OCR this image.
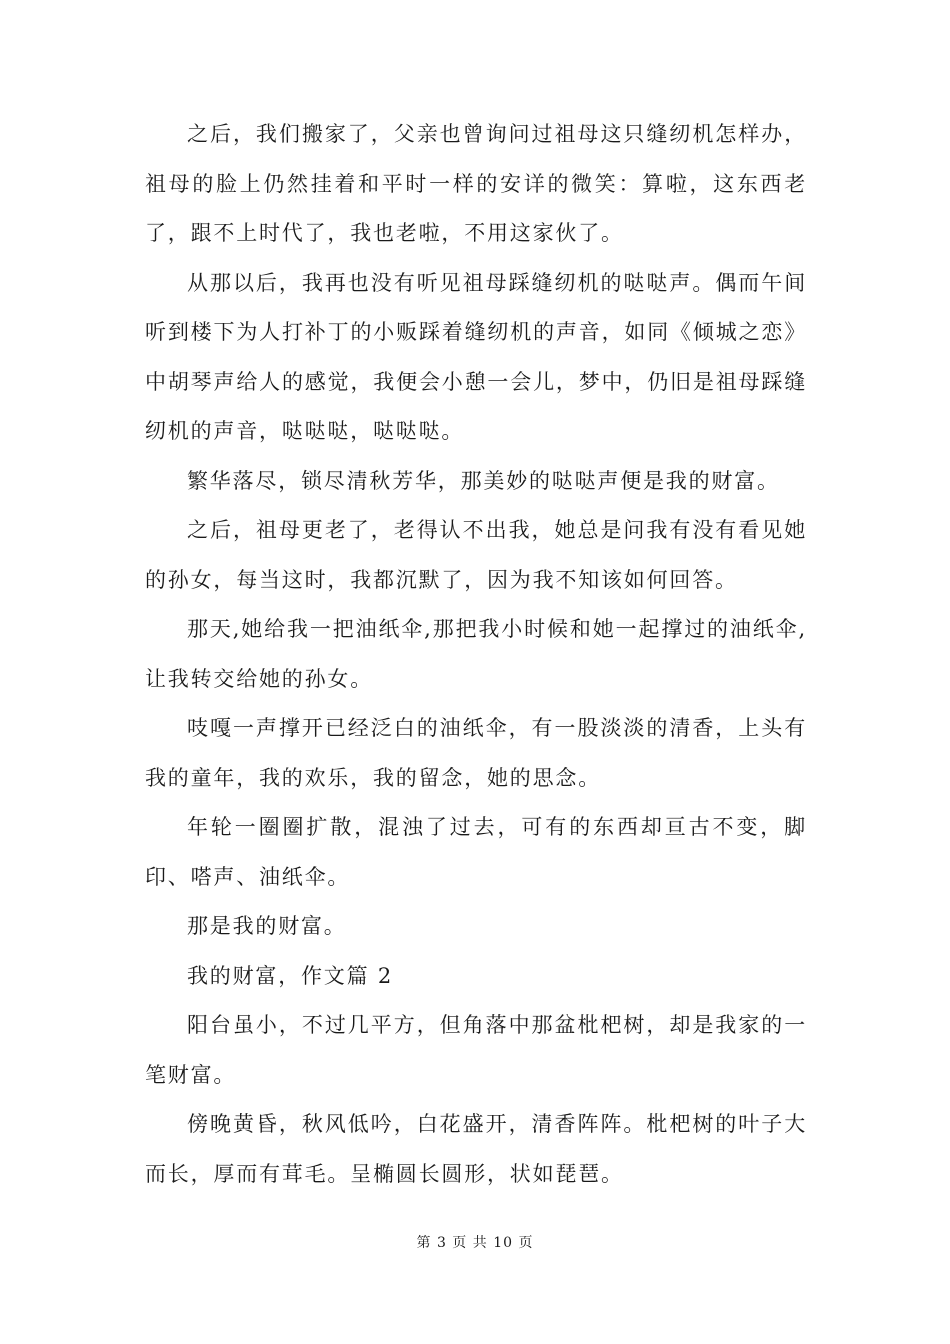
之后，我们搬家了，父亲也曾询问过祖母这只缝纫机怎样办，祖母的脸上仍然挂着和平时一样的安详的微笑：算啦，这东西老了，跟不上时代了，我也老啦，不用这家伙了。

从那以后，我再也没有听见祖母踩缝纫机的哒哒声。偶而午间听到楼下为人打补丁的小贩踩着缝纫机的声音，如同《倾城之恋》中胡琴声给人的感觉，我便会小憩一会儿，梦中，仍旧是祖母踩缝纫机的声音，哒哒哒，哒哒哒。

繁华落尽，锁尽清秋芳华，那美妙的哒哒声便是我的财富。

之后，祖母更老了，老得认不出我，她总是问我有没有看见她的孙女，每当这时，我都沉默了，因为我不知该如何回答。

那天,她给我一把油纸伞,那把我小时候和她一起撑过的油纸伞,让我转交给她的孙女。

吱嘎一声撑开已经泛白的油纸伞，有一股淡淡的清香，上头有我的童年，我的欢乐，我的留念，她的思念。

年轮一圈圈扩散，混浊了过去，可有的东西却亘古不变，脚印、嗒声、油纸伞。

那是我的财富。

我的财富，作文篇 2

阳台虽小，不过几平方，但角落中那盆枇杷树，却是我家的一笔财富。

傍晚黄昏，秋风低吟，白花盛开，清香阵阵。枇杷树的叶子大而长，厚而有茸毛。呈椭圆长圆形，状如琵琶。

第 3 页 共 10 页
